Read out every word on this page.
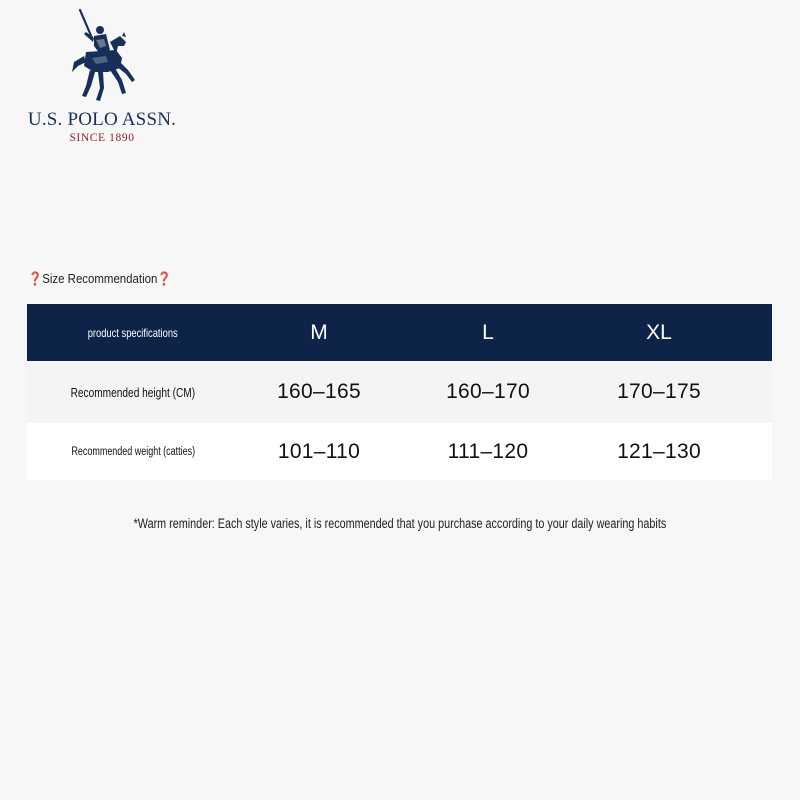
U.S. POLO ASSN.
SINCE 1890
❓Size Recommendation❓
product specifications	M	L	XL
Recommended height (CM)	160–165	160–170	170–175
Recommended weight (catties)	101–110	111–120	121–130
*Warm reminder: Each style varies, it is recommended that you purchase according to your daily wearing habits
